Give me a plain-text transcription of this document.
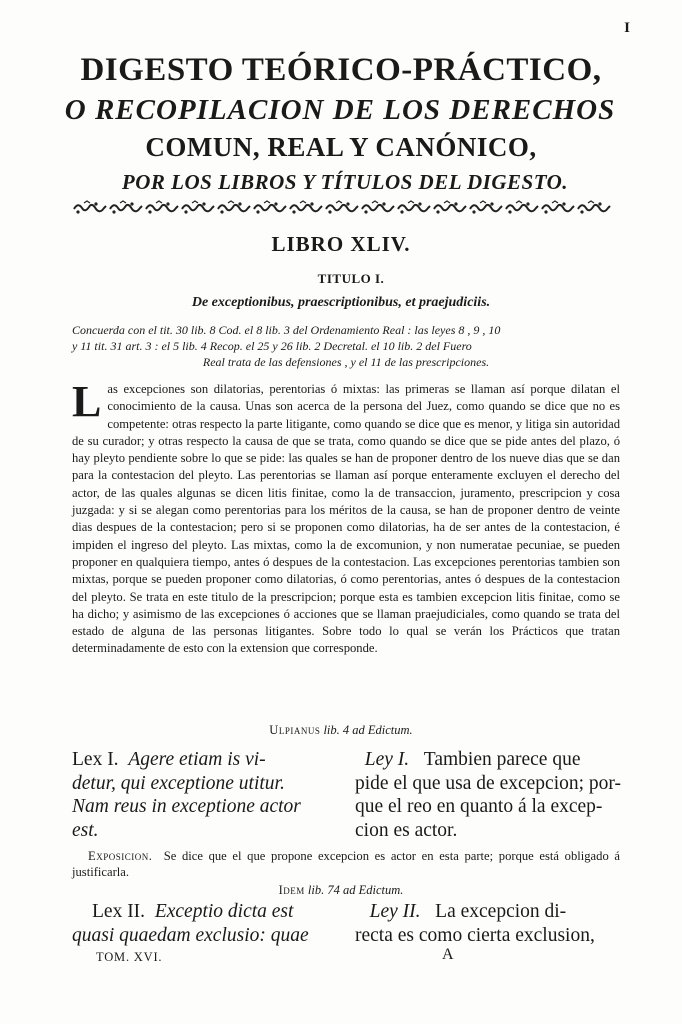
I
DIGESTO TEÓRICO-PRÁCTICO,
O RECOPILACION DE LOS DERECHOS
COMUN, REAL Y CANÓNICO,
POR LOS LIBROS Y TÍTULOS DEL DIGESTO.
LIBRO XLIV.
TITULO I.
De exceptionibus, praescriptionibus, et praejudiciis.
Concuerda con el tit. 30 lib. 8 Cod. el 8 lib. 3 del Ordenamiento Real : las leyes 8 , 9 , 10
y 11 tit. 31 art. 3 : el 5 lib. 4 Recop. el 25 y 26 lib. 2 Decretal. el 10 lib. 2 del Fuero
Real trata de las defensiones , y el 11 de las prescripciones.
Las excepciones son dilatorias, perentorias ó mixtas: las primeras se llaman así porque dilatan el conocimiento de la causa. Unas son acerca de la persona del Juez, como quando se dice que no es competente: otras respecto la parte litigante, como quando se dice que es menor, y litiga sin autoridad de su curador; y otras respecto la causa de que se trata, como quando se dice que se pide antes del plazo, ó hay pleyto pendiente sobre lo que se pide: las quales se han de proponer dentro de los nueve dias que se dan para la contestacion del pleyto. Las perentorias se llaman así porque enteramente excluyen el derecho del actor, de las quales algunas se dicen litis finitae, como la de transaccion, juramento, prescripcion y cosa juzgada: y si se alegan como perentorias para los méritos de la causa, se han de proponer dentro de veinte dias despues de la contestacion; pero si se proponen como dilatorias, ha de ser antes de la contestacion, é impiden el ingreso del pleyto. Las mixtas, como la de excomunion, y non numeratae pecuniae, se pueden proponer en qualquiera tiempo, antes ó despues de la contestacion. Las excepciones perentorias tambien son mixtas, porque se pueden proponer como dilatorias, ó como perentorias, antes ó despues de la contestacion del pleyto. Se trata en este titulo de la prescripcion; porque esta es tambien excepcion litis finitae, como se ha dicho; y asimismo de las excepciones ó acciones que se llaman praejudiciales, como quando se trata del estado de alguna de las personas litigantes. Sobre todo lo qual se verán los Prácticos que tratan determinadamente de esto con la extension que corresponde.
Ulpianus lib. 4 ad Edictum.
Lex I. Agere etiam is vi-
detur, qui exceptione utitur.
Nam reus in exceptione actor
est.
Ley I. Tambien parece que
pide el que usa de excepcion; por-
que el reo en quanto á la excep-
cion es actor.
Exposicion. Se dice que el que propone excepcion es actor en esta parte; porque está obligado á justificarla.
Idem lib. 74 ad Edictum.
Lex II. Exceptio dicta est
quasi quaedam exclusio: quae
Ley II. La excepcion di-
recta es como cierta exclusion,
TOM. XVI.	A
